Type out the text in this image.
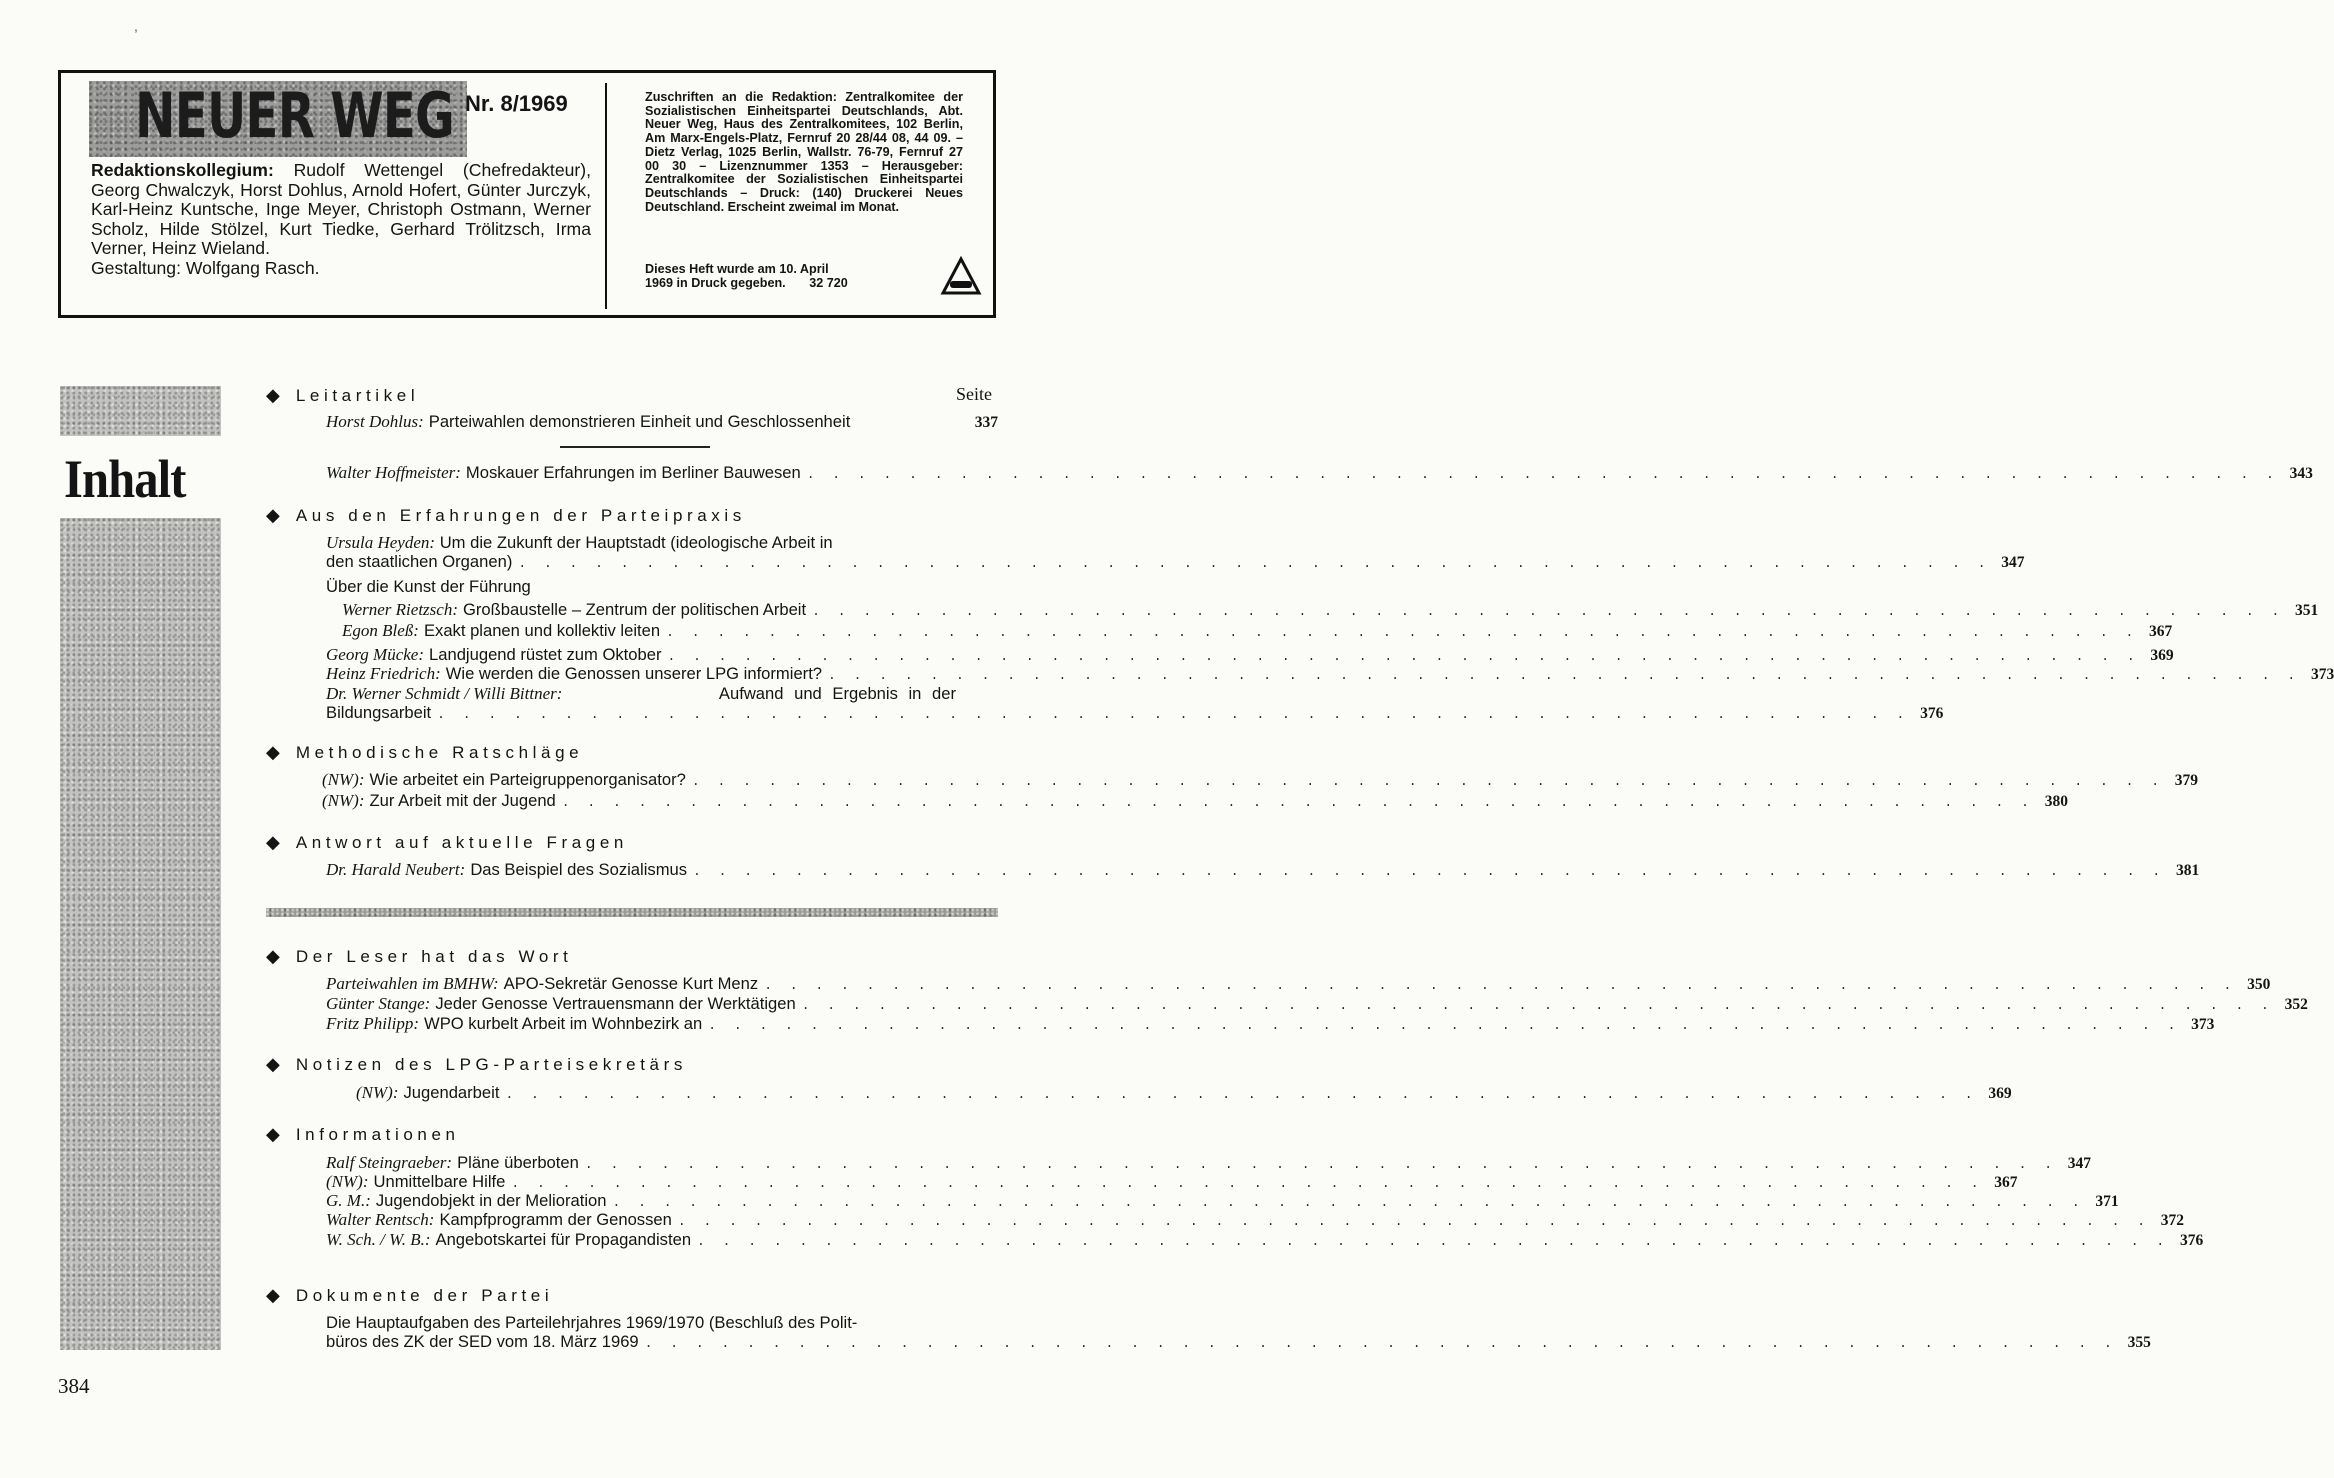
,
NEUER WEG Nr. 8/1969
Redaktionskollegium: Rudolf Wettengel (Chefredakteur), Georg Chwalczyk, Horst Dohlus, Arnold Hofert, Günter Jurczyk, Karl-Heinz Kuntsche, Inge Meyer, Christoph Ostmann, Werner Scholz, Hilde Stölzel, Kurt Tiedke, Gerhard Trölitzsch, Irma Verner, Heinz Wieland.
Gestaltung: Wolfgang Rasch.
Zuschriften an die Redaktion: Zentralkomitee der Sozialistischen Einheitspartei Deutschlands, Abt. Neuer Weg, Haus des Zentralkomitees, 102 Berlin, Am Marx-Engels-Platz, Fernruf 20 28/44 08, 44 09. – Dietz Verlag, 1025 Berlin, Wallstr. 76-79, Fernruf 27 00 30 – Lizenznummer 1353 – Herausgeber: Zentralkomitee der Sozialistischen Einheitspartei Deutschlands – Druck: (140) Druckerei Neues Deutschland. Erscheint zweimal im Monat.
Dieses Heft wurde am 10. April
1969 in Druck gegeben. 32 720
Inhalt
384
Seite
◆ Leitartikel
Horst Dohlus: Parteiwahlen demonstrieren Einheit und Geschlossenheit	337
Walter Hoffmeister: Moskauer Erfahrungen im Berliner Bauwesen . . . . . . . . . . . . . . . . . . . . . . . . . . . . . . . . . . . . . . . . . . . . . . . . . . . . . . . . . . 343
◆ Aus den Erfahrungen der Parteipraxis
Ursula Heyden: Um die Zukunft der Hauptstadt (ideologische Arbeit in
den staatlichen Organen) . . . . . . . . . . . . . . . . . . . . . . . . . . . . . . . . . . . . . . . . . . . . . . . . . . . . . . . . . . 347
Über die Kunst der Führung
Werner Rietzsch: Großbaustelle – Zentrum der politischen Arbeit . . . . . . . . . . . . . . . . . . . . . . . . . . . . . . . . . . . . . . . . . . . . . . . . . . . . . . . . . . 351
Egon Bleß: Exakt planen und kollektiv leiten . . . . . . . . . . . . . . . . . . . . . . . . . . . . . . . . . . . . . . . . . . . . . . . . . . . . . . . . . . 367
Georg Mücke: Landjugend rüstet zum Oktober . . . . . . . . . . . . . . . . . . . . . . . . . . . . . . . . . . . . . . . . . . . . . . . . . . . . . . . . . . 369
Heinz Friedrich: Wie werden die Genossen unserer LPG informiert? . . . . . . . . . . . . . . . . . . . . . . . . . . . . . . . . . . . . . . . . . . . . . . . . . . . . . . . . . . 373
Dr. Werner Schmidt / Willi Bittner:	Aufwand und Ergebnis in der
Bildungsarbeit . . . . . . . . . . . . . . . . . . . . . . . . . . . . . . . . . . . . . . . . . . . . . . . . . . . . . . . . . . 376
◆ Methodische Ratschläge
(NW): Wie arbeitet ein Parteigruppenorganisator? . . . . . . . . . . . . . . . . . . . . . . . . . . . . . . . . . . . . . . . . . . . . . . . . . . . . . . . . . . 379
(NW): Zur Arbeit mit der Jugend . . . . . . . . . . . . . . . . . . . . . . . . . . . . . . . . . . . . . . . . . . . . . . . . . . . . . . . . . . 380
◆ Antwort auf aktuelle Fragen
Dr. Harald Neubert: Das Beispiel des Sozialismus . . . . . . . . . . . . . . . . . . . . . . . . . . . . . . . . . . . . . . . . . . . . . . . . . . . . . . . . . . 381
◆ Der Leser hat das Wort
Parteiwahlen im BMHW: APO-Sekretär Genosse Kurt Menz . . . . . . . . . . . . . . . . . . . . . . . . . . . . . . . . . . . . . . . . . . . . . . . . . . . . . . . . . . 350
Günter Stange: Jeder Genosse Vertrauensmann der Werktätigen . . . . . . . . . . . . . . . . . . . . . . . . . . . . . . . . . . . . . . . . . . . . . . . . . . . . . . . . . . 352
Fritz Philipp: WPO kurbelt Arbeit im Wohnbezirk an . . . . . . . . . . . . . . . . . . . . . . . . . . . . . . . . . . . . . . . . . . . . . . . . . . . . . . . . . . 373
◆ Notizen des LPG-Parteisekretärs
(NW): Jugendarbeit . . . . . . . . . . . . . . . . . . . . . . . . . . . . . . . . . . . . . . . . . . . . . . . . . . . . . . . . . . 369
◆ Informationen
Ralf Steingraeber: Pläne überboten . . . . . . . . . . . . . . . . . . . . . . . . . . . . . . . . . . . . . . . . . . . . . . . . . . . . . . . . . . 347
(NW): Unmittelbare Hilfe . . . . . . . . . . . . . . . . . . . . . . . . . . . . . . . . . . . . . . . . . . . . . . . . . . . . . . . . . . 367
G. M.: Jugendobjekt in der Melioration . . . . . . . . . . . . . . . . . . . . . . . . . . . . . . . . . . . . . . . . . . . . . . . . . . . . . . . . . . 371
Walter Rentsch: Kampfprogramm der Genossen . . . . . . . . . . . . . . . . . . . . . . . . . . . . . . . . . . . . . . . . . . . . . . . . . . . . . . . . . . 372
W. Sch. / W. B.: Angebotskartei für Propagandisten . . . . . . . . . . . . . . . . . . . . . . . . . . . . . . . . . . . . . . . . . . . . . . . . . . . . . . . . . . 376
◆ Dokumente der Partei
Die Hauptaufgaben des Parteilehrjahres 1969/1970 (Beschluß des Polit-
büros des ZK der SED vom 18. März 1969 . . . . . . . . . . . . . . . . . . . . . . . . . . . . . . . . . . . . . . . . . . . . . . . . . . . . . . . . . . 355
